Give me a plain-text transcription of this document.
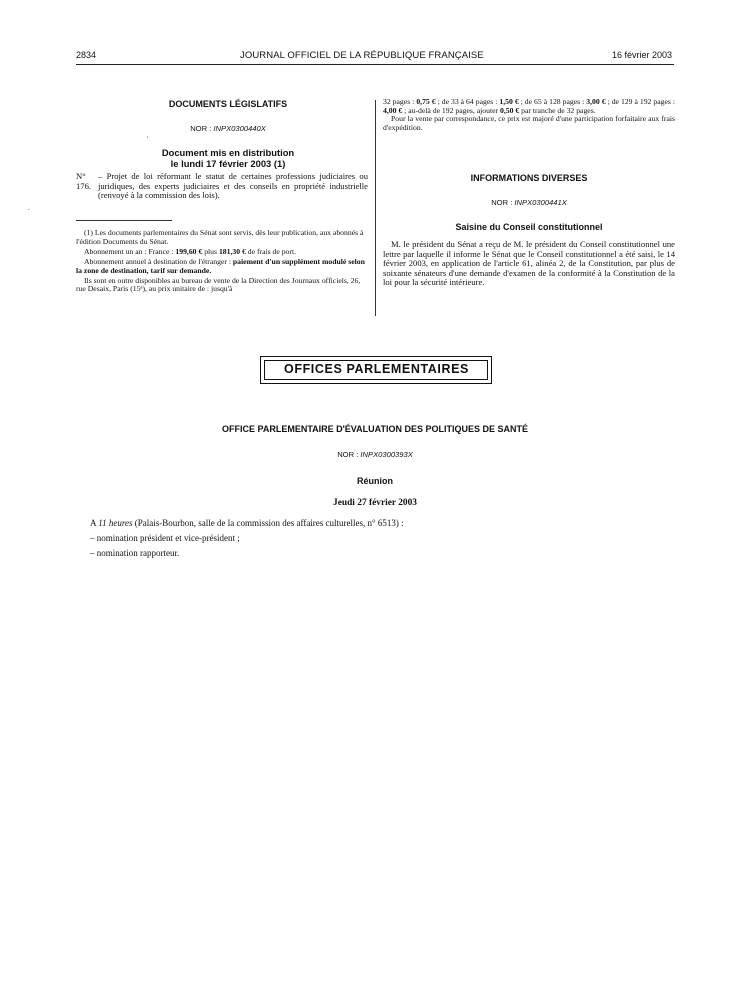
2834	JOURNAL OFFICIEL DE LA RÉPUBLIQUE FRANÇAISE	16 février 2003
DOCUMENTS LÉGISLATIFS
NOR : INPX0300440X
Document mis en distribution
le lundi 17 février 2003 (1)
N° 176.
– Projet de loi réformant le statut de certaines professions judiciaires ou juridiques, des experts judiciaires et des conseils en propriété industrielle (renvoyé à la commission des lois).

(1) Les documents parlementaires du Sénat sont servis, dès leur publication, aux abonnés à l'édition Documents du Sénat.

Abonnement un an : France : 199,60 € plus 181,30 € de frais de port.

Abonnement annuel à destination de l'étranger : paiement d'un supplément modulé selon la zone de destination, tarif sur demande.

Ils sont en outre disponibles au bureau de vente de la Direction des Journaux officiels, 26, rue Desaix, Paris (15ᵉ), au prix unitaire de : jusqu'à

32 pages : 0,75 € ; de 33 à 64 pages : 1,50 € ; de 65 à 128 pages : 3,00 € ; de 129 à 192 pages : 4,00 € ; au-delà de 192 pages, ajouter 0,50 € par tranche de 32 pages.

Pour la vente par correspondance, ce prix est majoré d'une participation forfaitaire aux frais d'expédition.

INFORMATIONS DIVERSES
NOR : INPX0300441X
Saisine du Conseil constitutionnel
M. le président du Sénat a reçu de M. le président du Conseil constitutionnel une lettre par laquelle il informe le Sénat que le Conseil constitutionnel a été saisi, le 14 février 2003, en application de l'article 61, alinéa 2, de la Constitution, par plus de soixante sénateurs d'une demande d'examen de la conformité à la Constitution de la loi pour la sécurité intérieure.
OFFICES PARLEMENTAIRES
OFFICE PARLEMENTAIRE D'ÉVALUATION DES POLITIQUES DE SANTÉ
NOR : INPX0300393X
Réunion
Jeudi 27 février 2003
A 11 heures (Palais-Bourbon, salle de la commission des affaires culturelles, n° 6513) :
– nomination président et vice-président ;
– nomination rapporteur.
.
,
